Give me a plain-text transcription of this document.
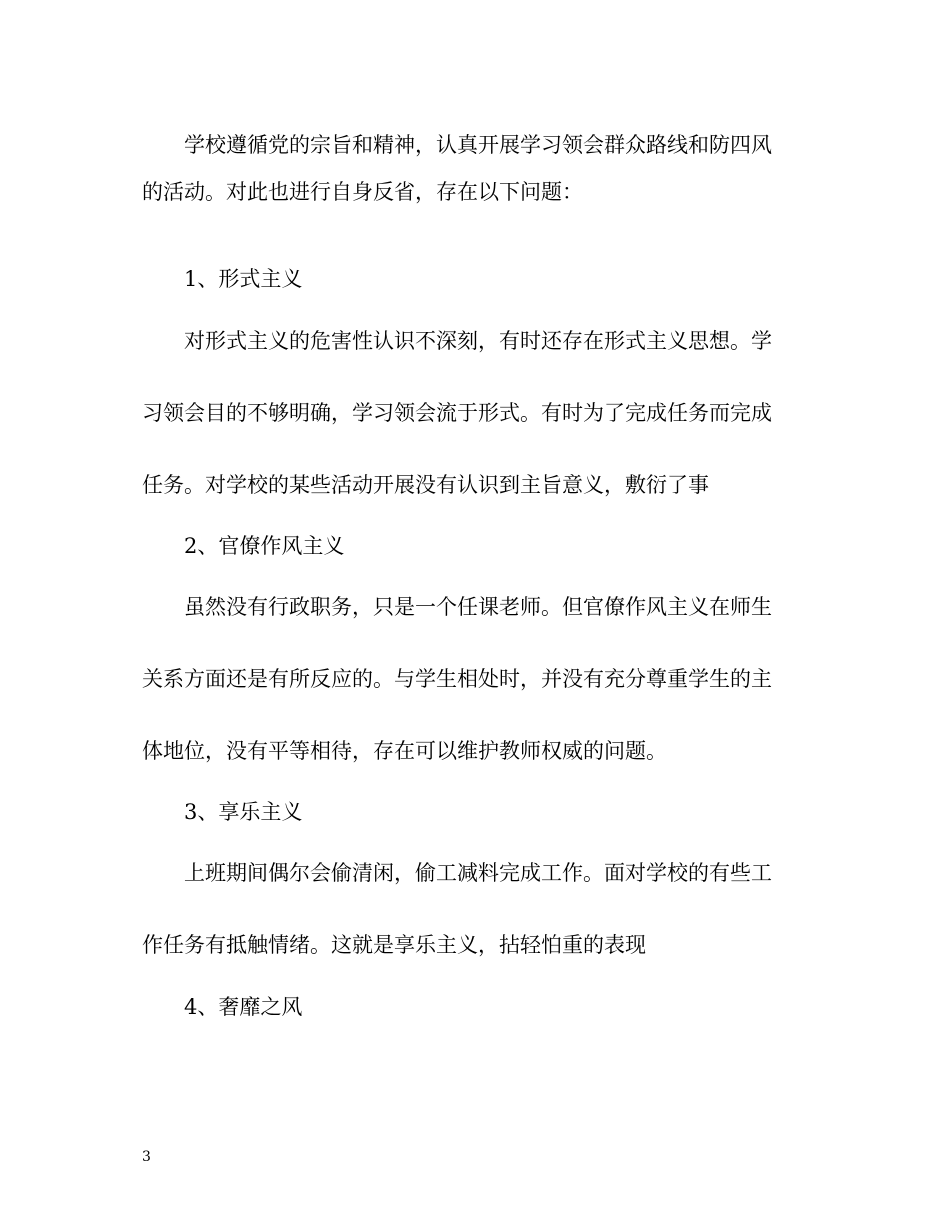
学校遵循党的宗旨和精神，认真开展学习领会群众路线和防四风
的活动。对此也进行自身反省，存在以下问题：
1、形式主义
对形式主义的危害性认识不深刻，有时还存在形式主义思想。学
习领会目的不够明确，学习领会流于形式。有时为了完成任务而完成
任务。对学校的某些活动开展没有认识到主旨意义，敷衍了事
2、官僚作风主义
虽然没有行政职务，只是一个任课老师。但官僚作风主义在师生
关系方面还是有所反应的。与学生相处时，并没有充分尊重学生的主
体地位，没有平等相待，存在可以维护教师权威的问题。
3、享乐主义
上班期间偶尔会偷清闲，偷工减料完成工作。面对学校的有些工
作任务有抵触情绪。这就是享乐主义，拈轻怕重的表现
4、奢靡之风
3
